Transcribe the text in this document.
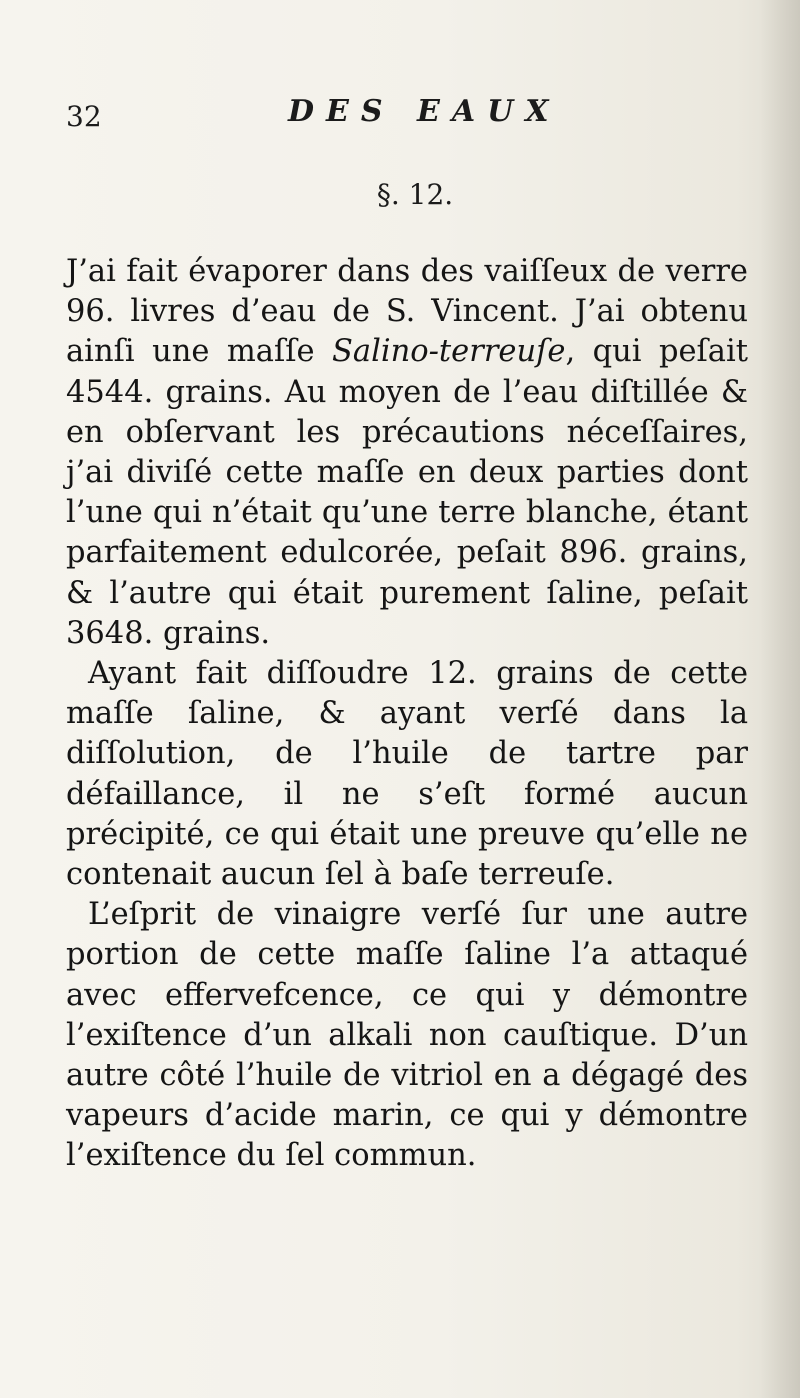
32	DES EAUX
§. 12.

J’ai fait évaporer dans des vaiſſeux de verre 96. livres d’eau de S. Vincent. J’ai obtenu ainſi une maſſe Salino-terreuſe, qui peſait 4544. grains. Au moyen de l’eau diſtillée & en obſervant les précautions néceſſaires, j’ai diviſé cette maſſe en deux parties dont l’une qui n’était qu’une terre blanche, étant parfaitement edulcorée, peſait 896. grains, & l’autre qui était purement ſaline, peſait 3648. grains.

Ayant fait diſſoudre 12. grains de cette maſſe ſaline, & ayant verſé dans la diſſolution, de l’huile de tartre par défaillance, il ne s’eſt formé aucun précipité, ce qui était une preuve qu’elle ne contenait aucun ſel à baſe terreuſe.

L’eſprit de vinaigre verſé ſur une autre portion de cette maſſe ſaline l’a attaqué avec effervefcence, ce qui y démontre l’exiſtence d’un alkali non cauſtique. D’un autre côté l’huile de vitriol en a dégagé des vapeurs d’acide marin, ce qui y démontre l’exiſtence du ſel commun.
